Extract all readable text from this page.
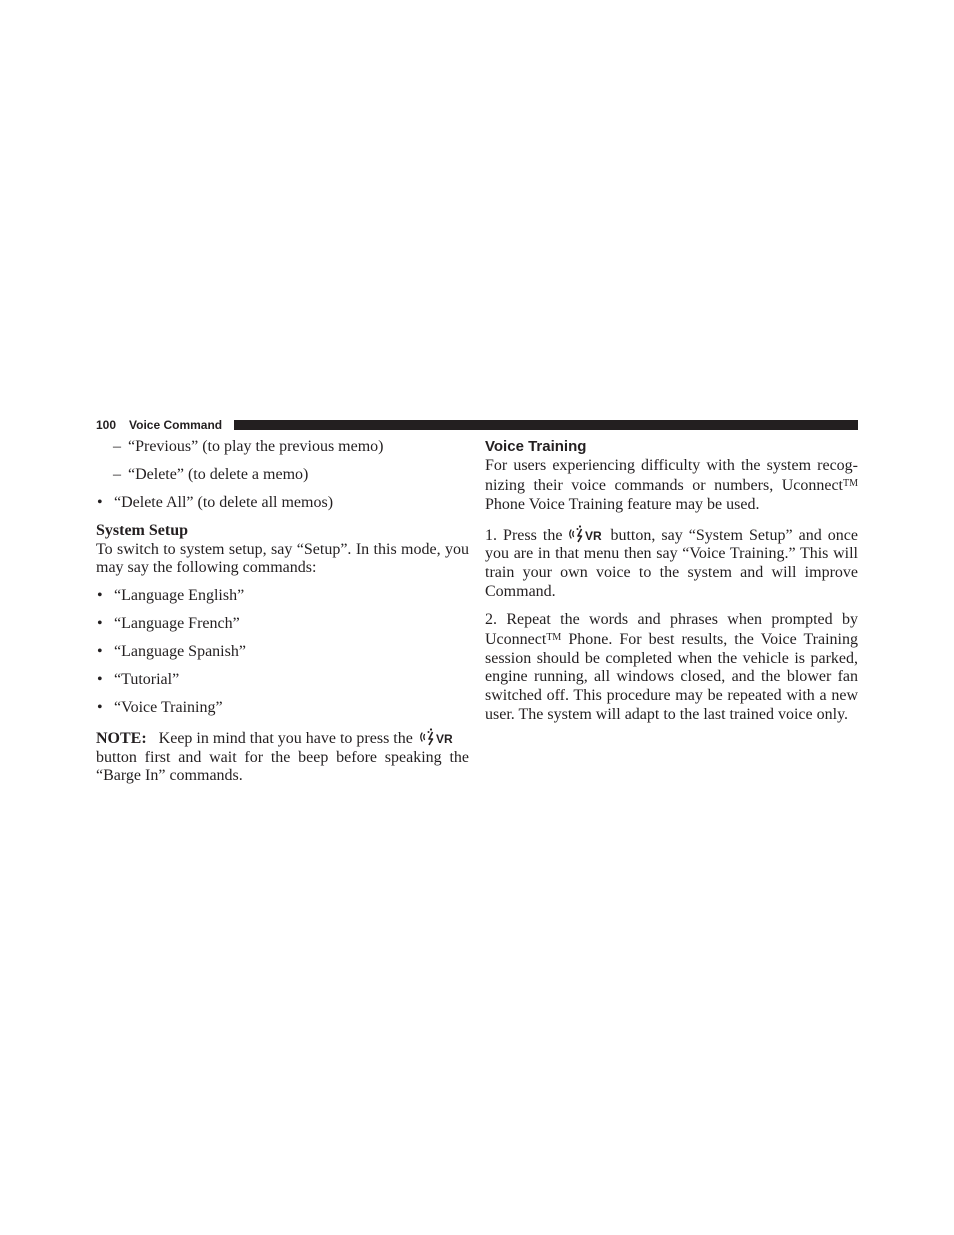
100 Voice Command
– “Previous” (to play the previous memo)
– “Delete” (to delete a memo)
• “Delete All” (to delete all memos)

System Setup

To switch to system setup, say “Setup”. In this mode, you may say the following commands:

• “Language English”
• “Language French”
• “Language Spanish”
• “Tutorial”
• “Voice Training”

NOTE: Keep in mind that you have to press the VR

button first and wait for the beep before speaking the “Barge In” commands.

Voice Training

For users experiencing difficulty with the system recog-nizing their voice commands or numbers, Uconnect™ Phone Voice Training feature may be used.

1. Press the VR button, say “System Setup” and once you are in that menu then say “Voice Training.” This will train your own voice to the system and will improve Command.

2. Repeat the words and phrases when prompted by Uconnect™ Phone. For best results, the Voice Training session should be completed when the vehicle is parked, engine running, all windows closed, and the blower fan switched off. This procedure may be repeated with a new user. The system will adapt to the last trained voice only.
